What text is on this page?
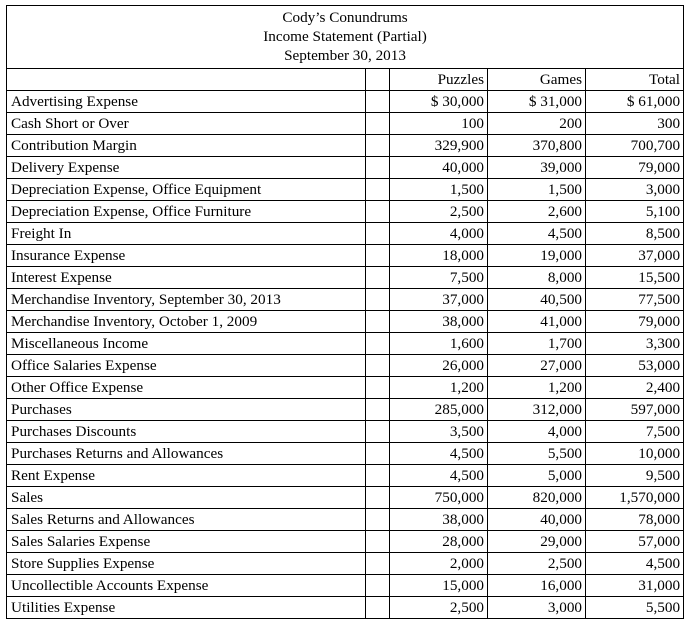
Cody’s Conundrums
Income Statement (Partial)
September 30, 2013				

		Puzzles	Games	Total
Advertising Expense		$ 30,000	$ 31,000	$ 61,000
Cash Short or Over		100	200	300
Contribution Margin		329,900	370,800	700,700
Delivery Expense		40,000	39,000	79,000
Depreciation Expense, Office Equipment		1,500	1,500	3,000
Depreciation Expense, Office Furniture		2,500	2,600	5,100
Freight In		4,000	4,500	8,500
Insurance Expense		18,000	19,000	37,000
Interest Expense		7,500	8,000	15,500
Merchandise Inventory, September 30, 2013		37,000	40,500	77,500
Merchandise Inventory, October 1, 2009		38,000	41,000	79,000
Miscellaneous Income		1,600	1,700	3,300
Office Salaries Expense		26,000	27,000	53,000
Other Office Expense		1,200	1,200	2,400
Purchases		285,000	312,000	597,000
Purchases Discounts		3,500	4,000	7,500
Purchases Returns and Allowances		4,500	5,500	10,000
Rent Expense		4,500	5,000	9,500
Sales		750,000	820,000	1,570,000
Sales Returns and Allowances		38,000	40,000	78,000
Sales Salaries Expense		28,000	29,000	57,000
Store Supplies Expense		2,000	2,500	4,500
Uncollectible Accounts Expense		15,000	16,000	31,000
Utilities Expense		2,500	3,000	5,500
